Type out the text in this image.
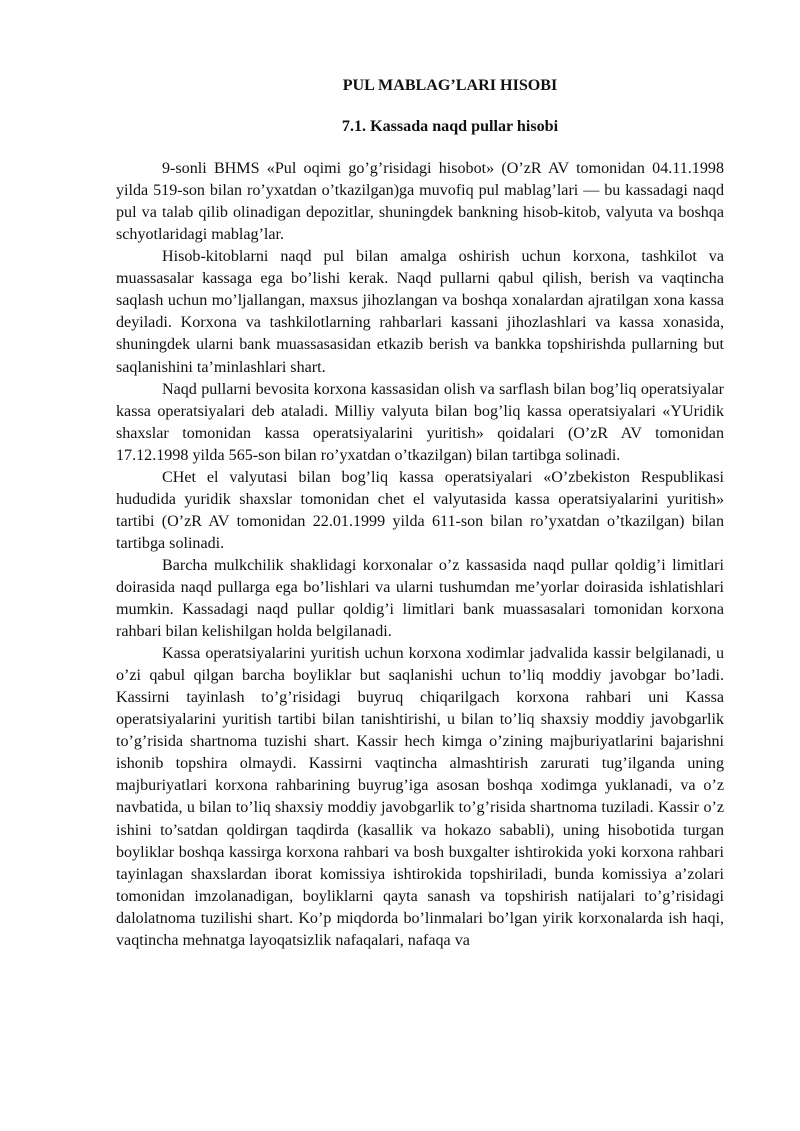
PUL MABLAG’LARI HISOBI

7.1. Kassada naqd pullar hisobi

9-sonli BHMS «Pul oqimi go’g’risidagi hisobot» (O’zR AV tomonidan 04.11.1998 yilda 519-son bilan ro’yxatdan o’tkazilgan)ga muvofiq pul mablag’lari — bu kassadagi naqd pul va talab qilib olinadigan depozitlar, shuningdek bankning hisob-kitob, valyuta va boshqa schyotlaridagi mablag’lar.

Hisob-kitoblarni naqd pul bilan amalga oshirish uchun korxona, tashkilot va muassasalar kassaga ega bo’lishi kerak. Naqd pullarni qabul qilish, berish va vaqtincha saqlash uchun mo’ljallangan, maxsus jihozlangan va boshqa xonalardan ajratilgan xona kassa deyiladi. Korxona va tashkilotlarning rahbarlari kassani jihozlashlari va kassa xonasida, shuningdek ularni bank muassasasidan etkazib berish va bankka topshirishda pullarning but saqlanishini ta’minlashlari shart.

Naqd pullarni bevosita korxona kassasidan olish va sarflash bilan bog’liq operatsiyalar kassa operatsiyalari deb ataladi. Milliy valyuta bilan bog’liq kassa operatsiyalari «YUridik shaxslar tomonidan kassa operatsiyalarini yuritish» qoidalari (O’zR AV tomonidan 17.12.1998 yilda 565-son bilan ro’yxatdan o’tkazilgan) bilan tartibga solinadi.

CHet el valyutasi bilan bog’liq kassa operatsiyalari «O’zbekiston Respublikasi hududida yuridik shaxslar tomonidan chet el valyutasida kassa operatsiyalarini yuritish» tartibi (O’zR AV tomonidan 22.01.1999 yilda 611-son bilan ro’yxatdan o’tkazilgan) bilan tartibga solinadi.

Barcha mulkchilik shaklidagi korxonalar o’z kassasida naqd pullar qoldig’i limitlari doirasida naqd pullarga ega bo’lishlari va ularni tushumdan me’yorlar doirasida ishlatishlari mumkin. Kassadagi naqd pullar qoldig’i limitlari bank muassasalari tomonidan korxona rahbari bilan kelishilgan holda belgilanadi.

Kassa operatsiyalarini yuritish uchun korxona xodimlar jadvalida kassir belgilanadi, u o’zi qabul qilgan barcha boyliklar but saqlanishi uchun to’liq moddiy javobgar bo’ladi. Kassirni tayinlash to’g’risidagi buyruq chiqarilgach korxona rahbari uni Kassa operatsiyalarini yuritish tartibi bilan tanishtirishi, u bilan to’liq shaxsiy moddiy javobgarlik to’g’risida shartnoma tuzishi shart. Kassir hech kimga o’zining majburiyatlarini bajarishni ishonib topshira olmaydi. Kassirni vaqtincha almashtirish zarurati tug’ilganda uning majburiyatlari korxona rahbarining buyrug’iga asosan boshqa xodimga yuklanadi, va o’z navbatida, u bilan to’liq shaxsiy moddiy javobgarlik to’g’risida shartnoma tuziladi. Kassir o’z ishini to’satdan qoldirgan taqdirda (kasallik va hokazo sababli), uning hisobotida turgan boyliklar boshqa kassirga korxona rahbari va bosh buxgalter ishtirokida yoki korxona rahbari tayinlagan shaxslardan iborat komissiya ishtirokida topshiriladi, bunda komissiya a’zolari tomonidan imzolanadigan, boyliklarni qayta sanash va topshirish natijalari to’g’risidagi dalolatnoma tuzilishi shart. Ko’p miqdorda bo’linmalari bo’lgan yirik korxonalarda ish haqi, vaqtincha mehnatga layoqatsizlik nafaqalari, nafaqa va
